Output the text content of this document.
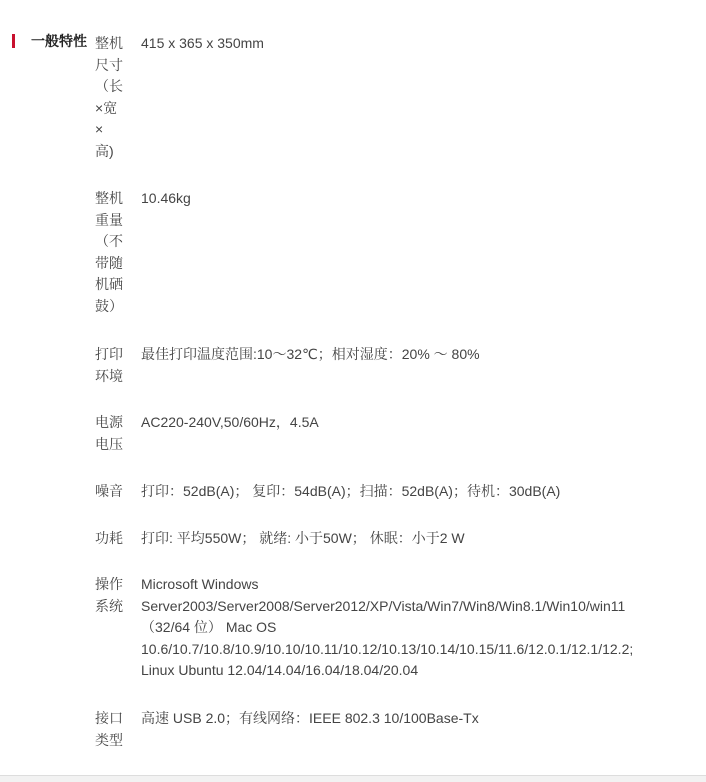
一般特性 整机
尺寸
（长
×宽
×
高)
415 x 365 x 350mm
整机
重量
（不
带随
机硒
鼓）
10.46kg
打印
环境
最佳打印温度范围:10～32℃；相对湿度：20% ～ 80%
电源
电压
AC220-240V,50/60Hz，4.5A
噪音 打印：52dB(A)； 复印：54dB(A)；扫描：52dB(A)；待机：30dB(A)
功耗 打印: 平均550W； 就绪: 小于50W； 休眠：小于2 W
操作
系统
Microsoft Windows
Server2003/Server2008/Server2012/XP/Vista/Win7/Win8/Win8.1/Win10/win11
（32/64 位） Mac OS
10.6/10.7/10.8/10.9/10.10/10.11/10.12/10.13/10.14/10.15/11.6/12.0.1/12.1/12.2;
Linux Ubuntu 12.04/14.04/16.04/18.04/20.04
接口
类型
高速 USB 2.0；有线网络：IEEE 802.3 10/100Base-Tx
